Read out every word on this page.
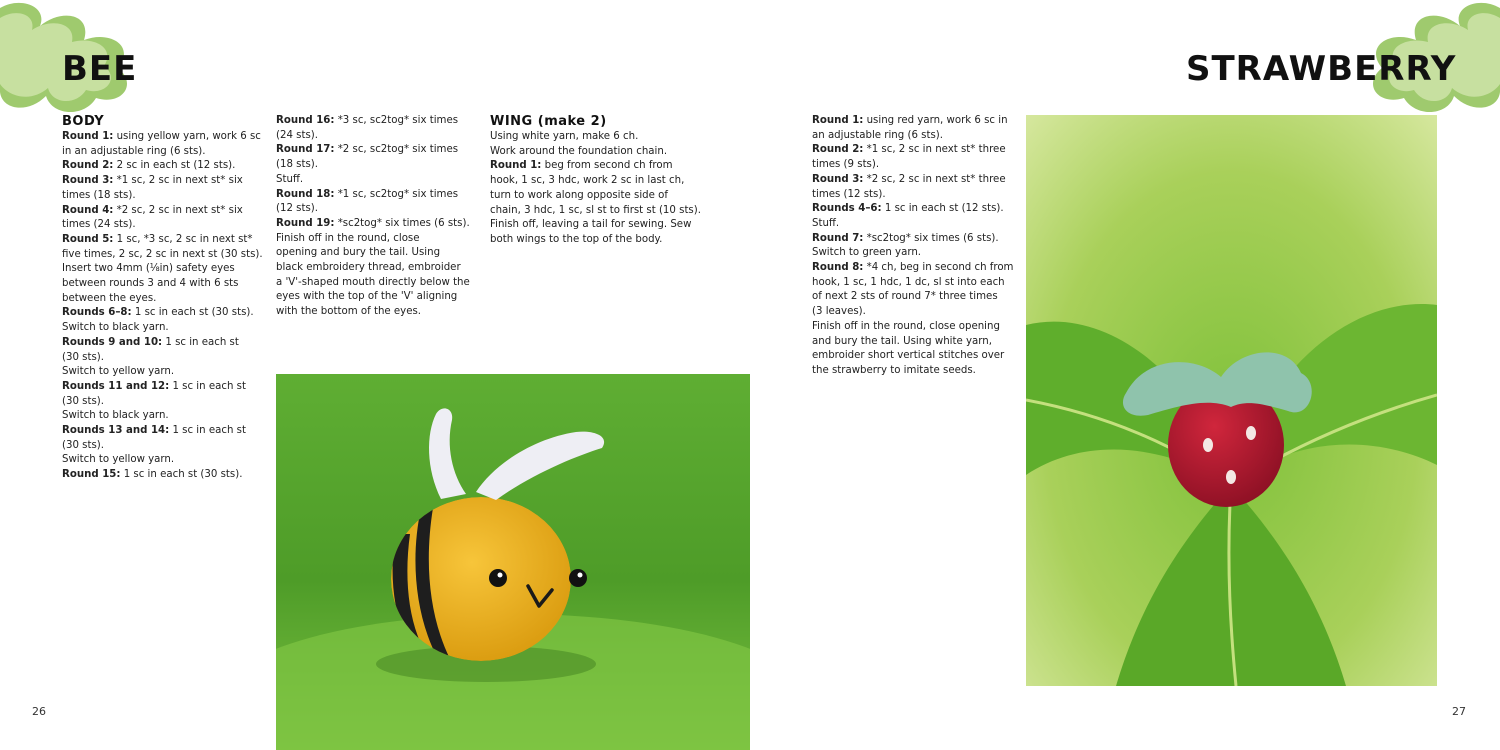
BEE	STRAWBERRY
BODY
Round 1: using yellow yarn, work 6 sc
in an adjustable ring (6 sts).
Round 2: 2 sc in each st (12 sts).
Round 3: *1 sc, 2 sc in next st* six
times (18 sts).
Round 4: *2 sc, 2 sc in next st* six
times (24 sts).
Round 5: 1 sc, *3 sc, 2 sc in next st*
five times, 2 sc, 2 sc in next st (30 sts).
Insert two 4mm (⅛in) safety eyes
between rounds 3 and 4 with 6 sts
between the eyes.
Rounds 6–8: 1 sc in each st (30 sts).
Switch to black yarn.
Rounds 9 and 10: 1 sc in each st
(30 sts).
Switch to yellow yarn.
Rounds 11 and 12: 1 sc in each st
(30 sts).
Switch to black yarn.
Rounds 13 and 14: 1 sc in each st
(30 sts).
Switch to yellow yarn.
Round 15: 1 sc in each st (30 sts).
Round 16: *3 sc, sc2tog* six times
(24 sts).
Round 17: *2 sc, sc2tog* six times
(18 sts).
Stuff.
Round 18: *1 sc, sc2tog* six times
(12 sts).
Round 19: *sc2tog* six times (6 sts).
Finish off in the round, close
opening and bury the tail. Using
black embroidery thread, embroider
a 'V'-shaped mouth directly below the
eyes with the top of the 'V' aligning
with the bottom of the eyes.
WING (make 2)
Using white yarn, make 6 ch.
Work around the foundation chain.
Round 1: beg from second ch from
hook, 1 sc, 3 hdc, work 2 sc in last ch,
turn to work along opposite side of
chain, 3 hdc, 1 sc, sl st to first st (10 sts).
Finish off, leaving a tail for sewing. Sew
both wings to the top of the body.
Round 1: using red yarn, work 6 sc in
an adjustable ring (6 sts).
Round 2: *1 sc, 2 sc in next st* three
times (9 sts).
Round 3: *2 sc, 2 sc in next st* three
times (12 sts).
Rounds 4–6: 1 sc in each st (12 sts).
Stuff.
Round 7: *sc2tog* six times (6 sts).
Switch to green yarn.
Round 8: *4 ch, beg in second ch from
hook, 1 sc, 1 hdc, 1 dc, sl st into each
of next 2 sts of round 7* three times
(3 leaves).
Finish off in the round, close opening
and bury the tail. Using white yarn,
embroider short vertical stitches over
the strawberry to imitate seeds.
26	27
